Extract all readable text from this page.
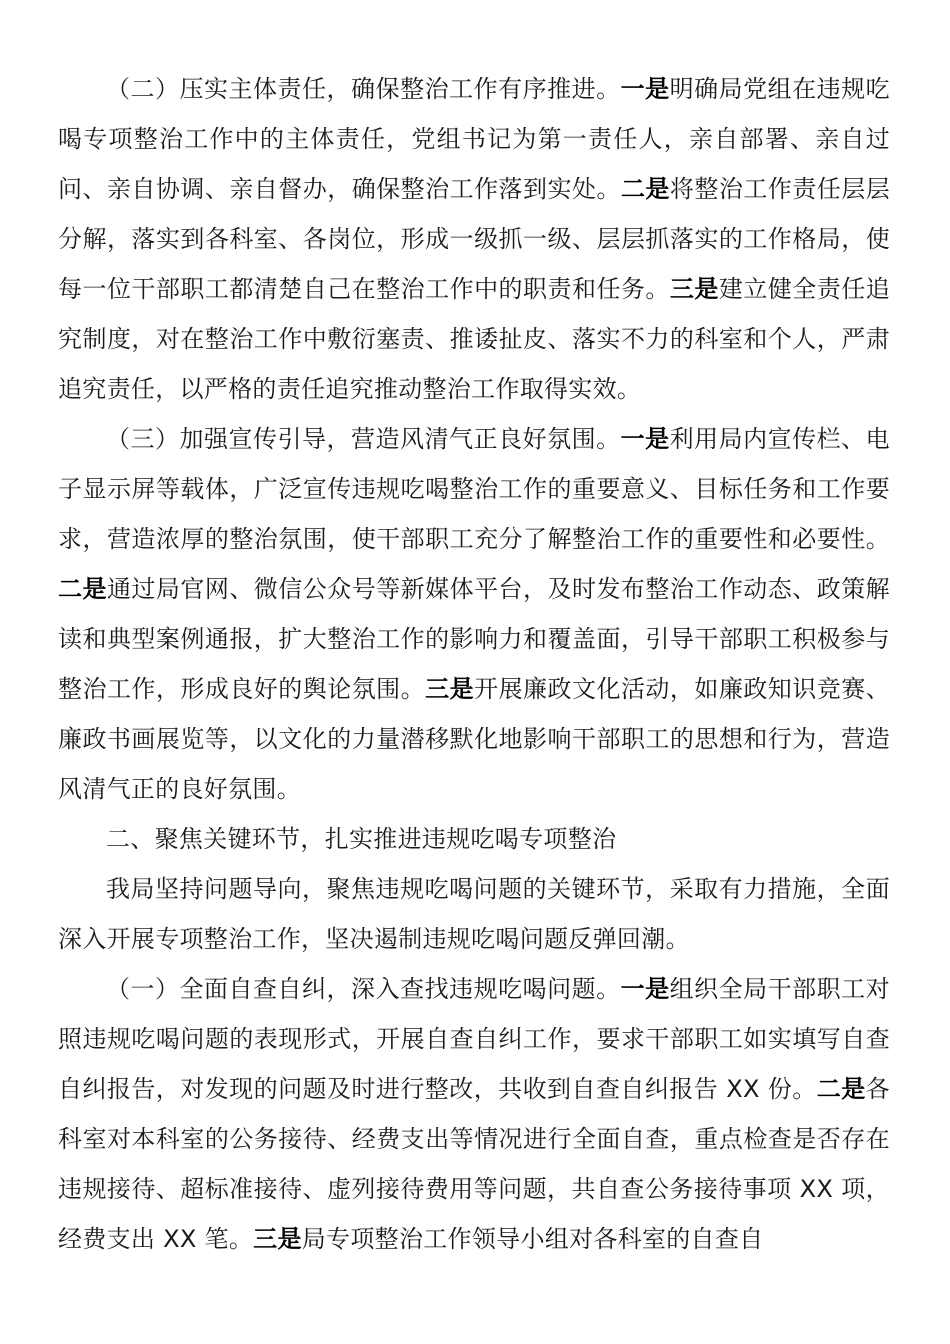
（二）压实主体责任，确保整治工作有序推进。一是明确局党组在违规吃喝专项整治工作中的主体责任，党组书记为第一责任人，亲自部署、亲自过问、亲自协调、亲自督办，确保整治工作落到实处。二是将整治工作责任层层分解，落实到各科室、各岗位，形成一级抓一级、层层抓落实的工作格局，使每一位干部职工都清楚自己在整治工作中的职责和任务。三是建立健全责任追究制度，对在整治工作中敷衍塞责、推诿扯皮、落实不力的科室和个人，严肃追究责任，以严格的责任追究推动整治工作取得实效。

（三）加强宣传引导，营造风清气正良好氛围。一是利用局内宣传栏、电子显示屏等载体，广泛宣传违规吃喝整治工作的重要意义、目标任务和工作要求，营造浓厚的整治氛围，使干部职工充分了解整治工作的重要性和必要性。二是通过局官网、微信公众号等新媒体平台，及时发布整治工作动态、政策解读和典型案例通报，扩大整治工作的影响力和覆盖面，引导干部职工积极参与整治工作，形成良好的舆论氛围。三是开展廉政文化活动，如廉政知识竞赛、廉政书画展览等，以文化的力量潜移默化地影响干部职工的思想和行为，营造风清气正的良好氛围。

二、聚焦关键环节，扎实推进违规吃喝专项整治

我局坚持问题导向，聚焦违规吃喝问题的关键环节，采取有力措施，全面深入开展专项整治工作，坚决遏制违规吃喝问题反弹回潮。

（一）全面自查自纠，深入查找违规吃喝问题。一是组织全局干部职工对照违规吃喝问题的表现形式，开展自查自纠工作，要求干部职工如实填写自查自纠报告，对发现的问题及时进行整改，共收到自查自纠报告 XX 份。二是各科室对本科室的公务接待、经费支出等情况进行全面自查，重点检查是否存在违规接待、超标准接待、虚列接待费用等问题，共自查公务接待事项 XX 项，经费支出 XX 笔。三是局专项整治工作领导小组对各科室的自查自
